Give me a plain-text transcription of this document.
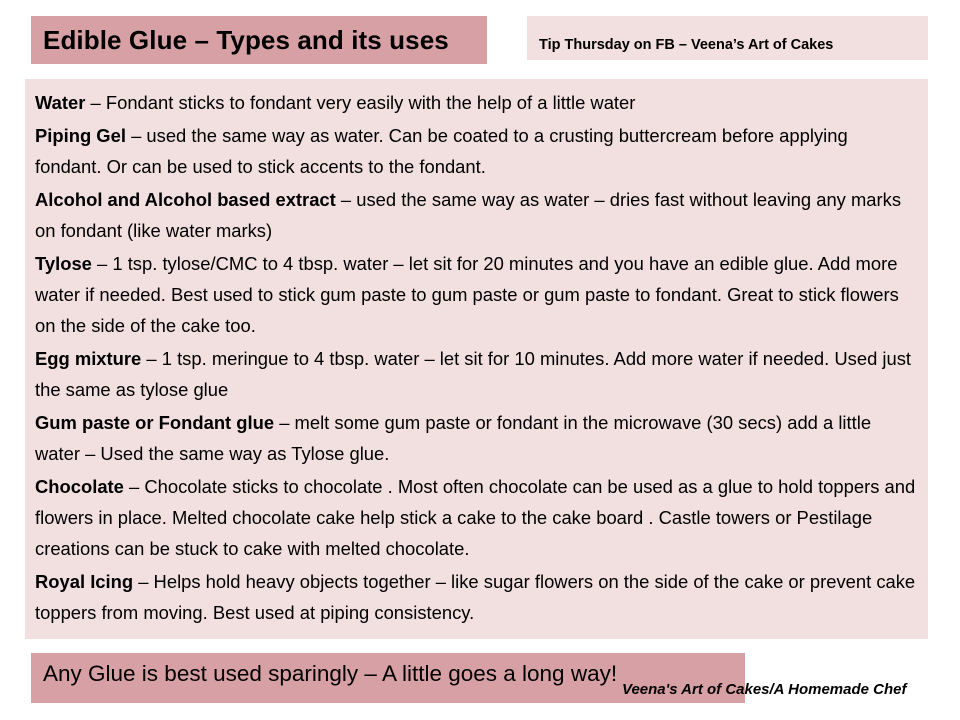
Edible Glue – Types and its uses	Tip Thursday on FB – Veena’s Art of Cakes

Water – Fondant sticks to fondant very easily with the help of a little water

Piping Gel – used the same way as water. Can be coated to a crusting buttercream before applying fondant. Or can be used to stick accents to the fondant.

Alcohol and Alcohol based extract – used the same way as water – dries fast without leaving any marks on fondant (like water marks)

Tylose – 1 tsp. tylose/CMC to 4 tbsp. water – let sit for 20 minutes and you have an edible glue. Add more water if needed. Best used to stick gum paste to gum paste or gum paste to fondant. Great to stick flowers on the side of the cake too.

Egg mixture – 1 tsp. meringue to 4 tbsp. water – let sit for 10 minutes. Add more water if needed. Used just the same as tylose glue

Gum paste or Fondant glue – melt some gum paste or fondant in the microwave (30 secs) add a little water – Used the same way as Tylose glue.

Chocolate – Chocolate sticks to chocolate . Most often chocolate can be used as a glue to hold toppers and flowers in place. Melted chocolate cake help stick a cake to the cake board . Castle towers or Pestilage creations can be stuck to cake with melted chocolate.

Royal Icing – Helps hold heavy objects together – like sugar flowers on the side of the cake or prevent cake toppers from moving. Best used at piping consistency.

Any Glue is best used sparingly – A little goes a long way!
Veena's Art of Cakes/A Homemade Chef
